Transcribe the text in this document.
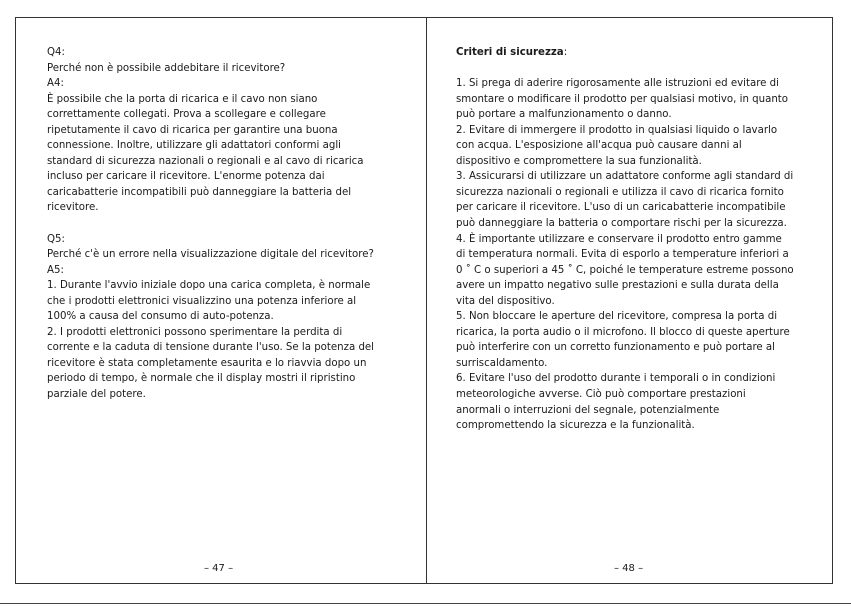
Q4:
Perché non è possibile addebitare il ricevitore?
A4:
È possibile che la porta di ricarica e il cavo non siano
correttamente collegati. Prova a scollegare e collegare
ripetutamente il cavo di ricarica per garantire una buona
connessione. Inoltre, utilizzare gli adattatori conformi agli
standard di sicurezza nazionali o regionali e al cavo di ricarica
incluso per caricare il ricevitore. L'enorme potenza dai
caricabatterie incompatibili può danneggiare la batteria del
ricevitore.
Q5:
Perché c'è un errore nella visualizzazione digitale del ricevitore?
A5:
1. Durante l'avvio iniziale dopo una carica completa, è normale
che i prodotti elettronici visualizzino una potenza inferiore al
100% a causa del consumo di auto-potenza.
2. I prodotti elettronici possono sperimentare la perdita di
corrente e la caduta di tensione durante l'uso. Se la potenza del
ricevitore è stata completamente esaurita e lo riavvia dopo un
periodo di tempo, è normale che il display mostri il ripristino
parziale del potere.
– 47 –
Criteri di sicurezza:
1. Si prega di aderire rigorosamente alle istruzioni ed evitare di
smontare o modificare il prodotto per qualsiasi motivo, in quanto
può portare a malfunzionamento o danno.
2. Evitare di immergere il prodotto in qualsiasi liquido o lavarlo
con acqua. L'esposizione all'acqua può causare danni al
dispositivo e compromettere la sua funzionalità.
3. Assicurarsi di utilizzare un adattatore conforme agli standard di
sicurezza nazionali o regionali e utilizza il cavo di ricarica fornito
per caricare il ricevitore. L'uso di un caricabatterie incompatibile
può danneggiare la batteria o comportare rischi per la sicurezza.
4. È importante utilizzare e conservare il prodotto entro gamme
di temperatura normali. Evita di esporlo a temperature inferiori a
0 ˚ C o superiori a 45 ˚ C, poiché le temperature estreme possono
avere un impatto negativo sulle prestazioni e sulla durata della
vita del dispositivo.
5. Non bloccare le aperture del ricevitore, compresa la porta di
ricarica, la porta audio o il microfono. Il blocco di queste aperture
può interferire con un corretto funzionamento e può portare al
surriscaldamento.
6. Evitare l'uso del prodotto durante i temporali o in condizioni
meteorologiche avverse. Ciò può comportare prestazioni
anormali o interruzioni del segnale, potenzialmente
compromettendo la sicurezza e la funzionalità.
– 48 –
